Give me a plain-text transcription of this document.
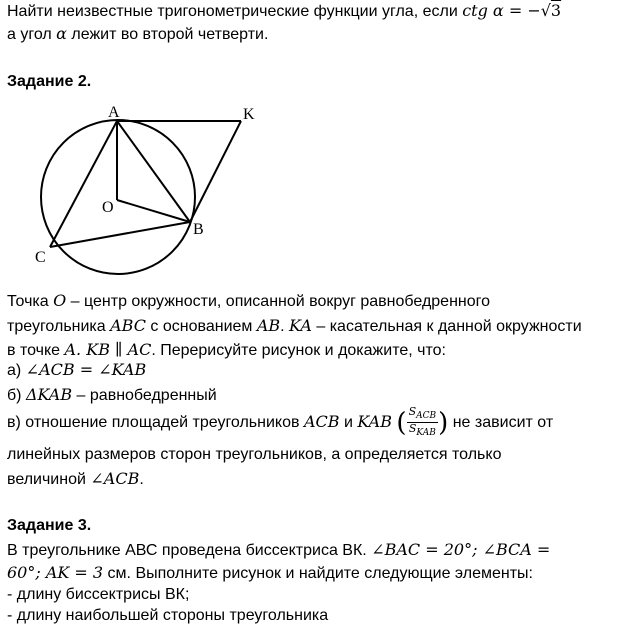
Найти неизвестные тригонометрические функции угла, если ctg α = −√3
а угол α лежит во второй четверти.
Задание 2.
A	K
O
B
C
Точка O – центр окружности, описанной вокруг равнобедренного
треугольника ABC с основанием AB. KA – касательная к данной окружности
в точке A. KB ∥ AC. Перерисуйте рисунок и докажите, что:
а) ∠ACB = ∠KAB
б) ΔKAB – равнобедренный
в) отношение площадей треугольников ACB и KAB ( $\frac{S_{ACB}}{S_{KAB}}$ ) не зависит от
линейных размеров сторон треугольников, а определяется только
величиной ∠ACB.
Задание 3.
В треугольнике АВС проведена биссектриса ВК. ∠BAC = 20°; ∠BCA =
60°; AK = 3 см. Выполните рисунок и найдите следующие элементы:
- длину биссектрисы ВК;
- длину наибольшей стороны треугольника
